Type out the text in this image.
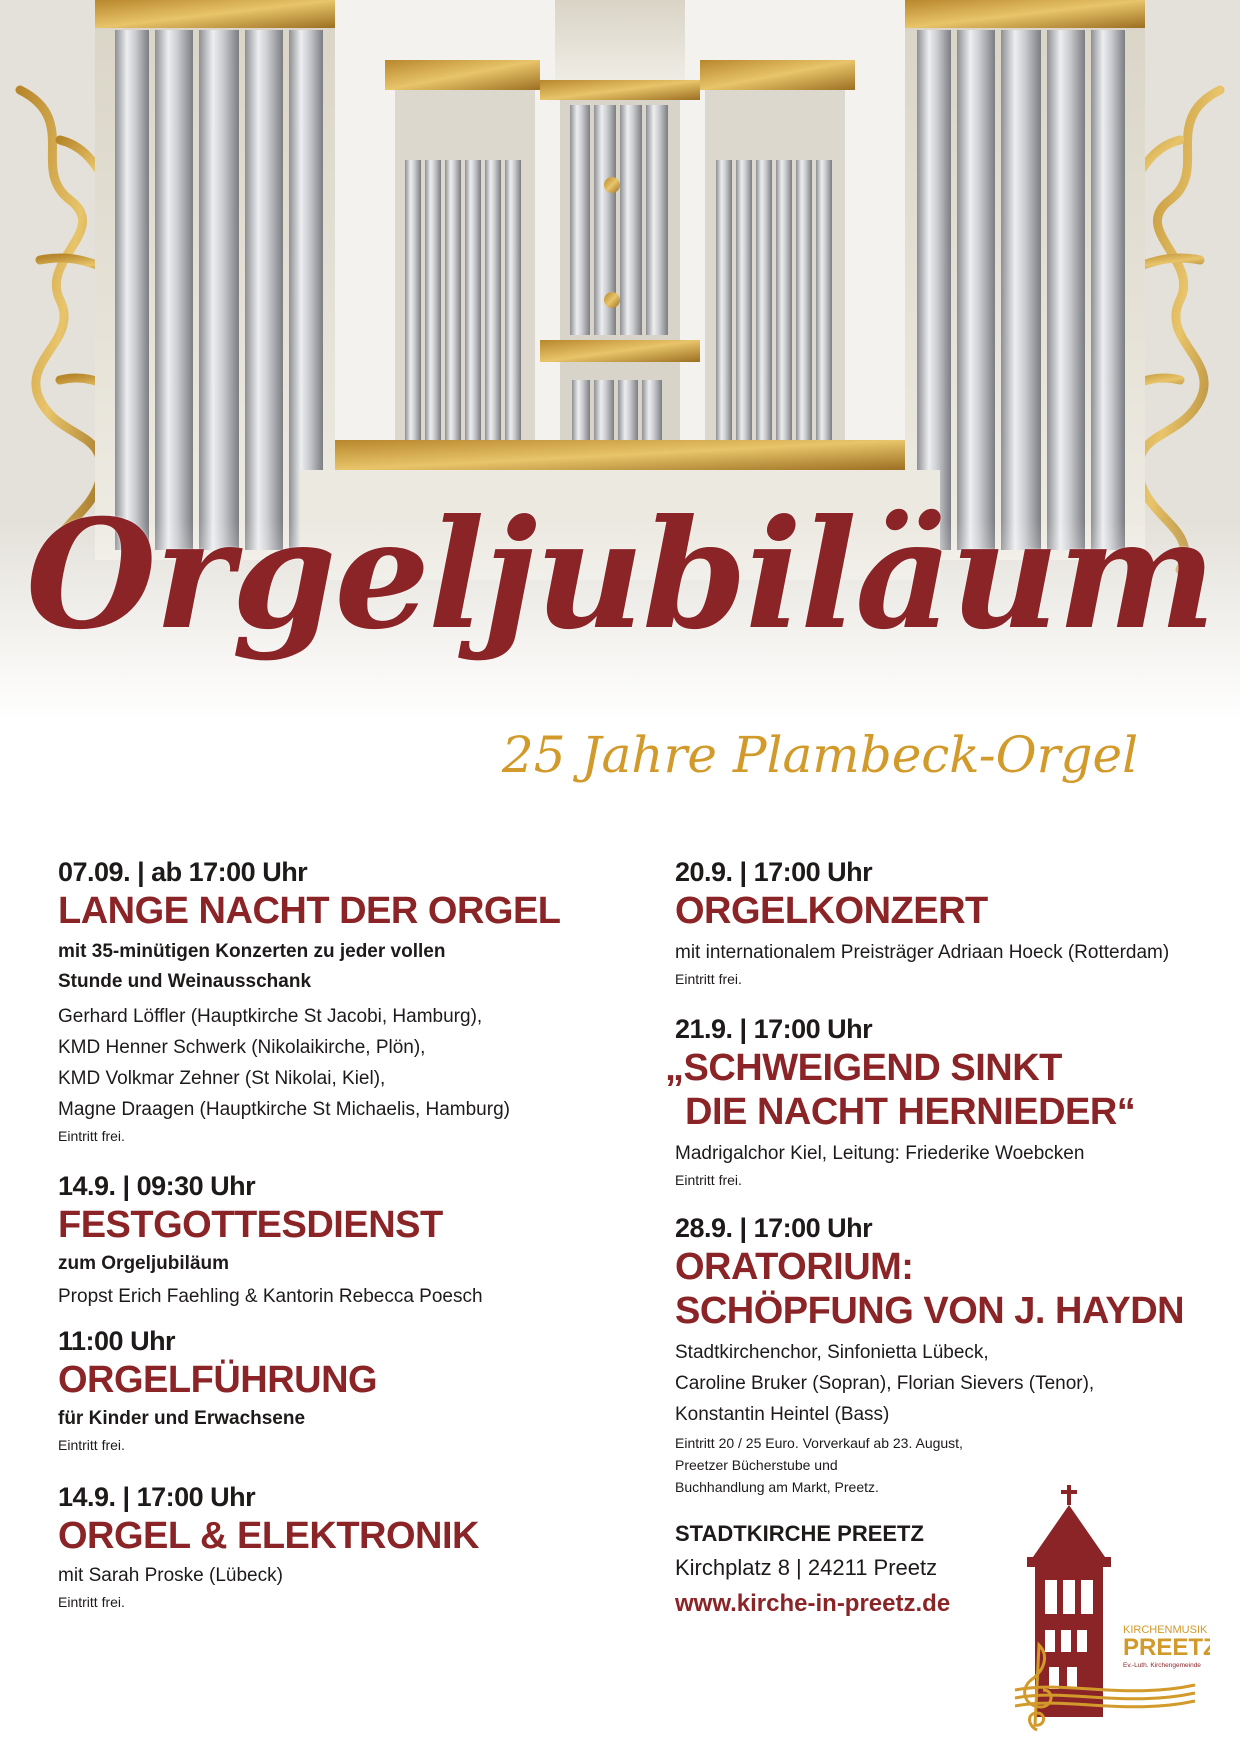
Orgeljubiläum
25 Jahre Plambeck-Orgel
07.09. | ab 17:00 Uhr
LANGE NACHT DER ORGEL
mit 35-minütigen Konzerten zu jeder vollen
Stunde und Weinausschank
Gerhard Löffler (Hauptkirche St Jacobi, Hamburg),
KMD Henner Schwerk (Nikolaikirche, Plön),
KMD Volkmar Zehner (St Nikolai, Kiel),
Magne Draagen (Hauptkirche St Michaelis, Hamburg)
Eintritt frei.
14.9. | 09:30 Uhr
FESTGOTTESDIENST
zum Orgeljubiläum
Propst Erich Faehling & Kantorin Rebecca Poesch
11:00 Uhr
ORGELFÜHRUNG
für Kinder und Erwachsene
Eintritt frei.
14.9. | 17:00 Uhr
ORGEL & ELEKTRONIK
mit Sarah Proske (Lübeck)
Eintritt frei.
20.9. | 17:00 Uhr
ORGELKONZERT
mit internationalem Preisträger Adriaan Hoeck (Rotterdam)
Eintritt frei.
21.9. | 17:00 Uhr
„SCHWEIGEND SINKT
DIE NACHT HERNIEDER“
Madrigalchor Kiel, Leitung: Friederike Woebcken
Eintritt frei.
28.9. | 17:00 Uhr
ORATORIUM:
SCHÖPFUNG VON J. HAYDN
Stadtkirchenchor, Sinfonietta Lübeck,
Caroline Bruker (Sopran), Florian Sievers (Tenor),
Konstantin Heintel (Bass)
Eintritt 20 / 25 Euro. Vorverkauf ab 23. August,
Preetzer Bücherstube und
Buchhandlung am Markt, Preetz.
STADTKIRCHE PREETZ
Kirchplatz 8 | 24211 Preetz
www.kirche-in-preetz.de
KIRCHENMUSIK
PREETZ
Ev.-Luth. Kirchengemeinde
